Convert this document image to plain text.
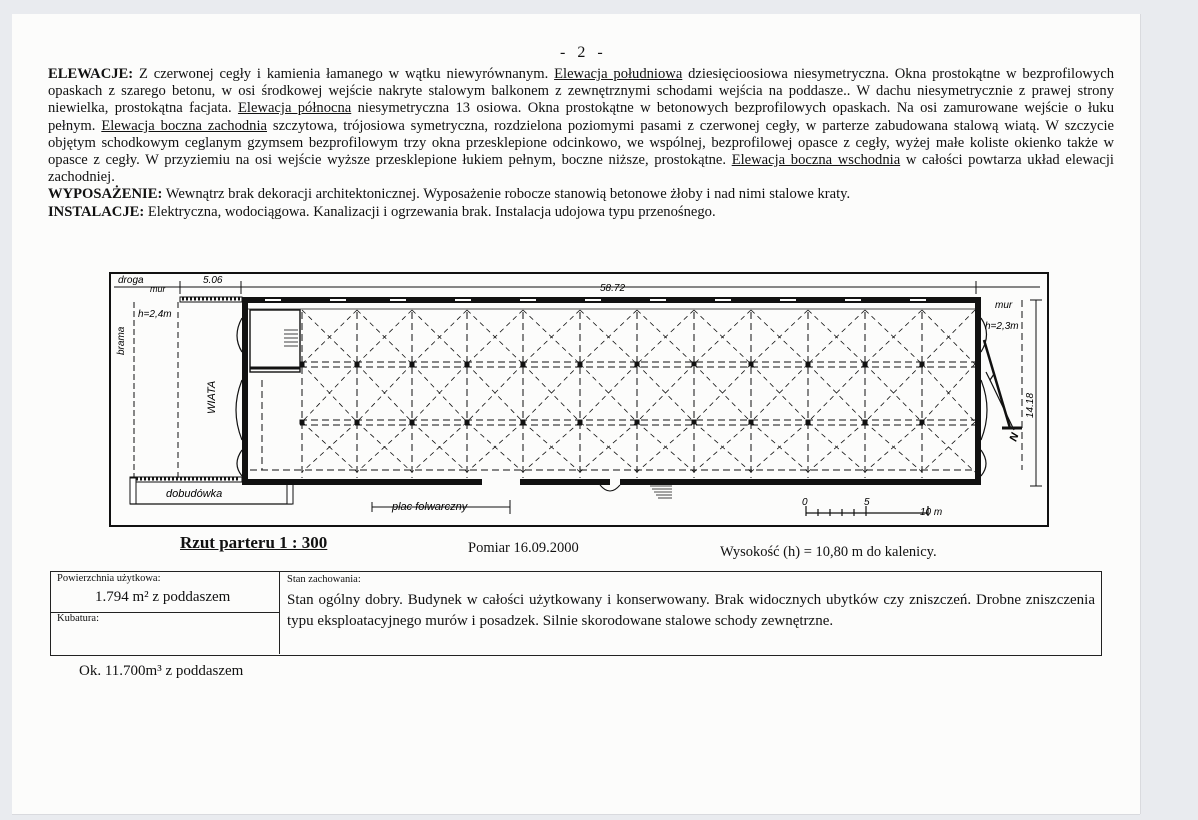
- 2 -

ELEWACJE: Z czerwonej cegły i kamienia łamanego w wątku niewyrównanym. Elewacja południowa dziesięcioosiowa niesymetryczna. Okna prostokątne w bezprofilowych opaskach z szarego betonu, w osi środkowej wejście nakryte stalowym balkonem z zewnętrznymi schodami wejścia na poddasze.. W dachu niesymetrycznie z prawej strony niewielka, prostokątna facjata. Elewacja północna niesymetryczna 13 osiowa. Okna prostokątne w betonowych bezprofilowych opaskach. Na osi zamurowane wejście o łuku pełnym. Elewacja boczna zachodnia szczytowa, trójosiowa symetryczna, rozdzielona poziomymi pasami z czerwonej cegły, w parterze zabudowana stalową wiatą. W szczycie objętym schodkowym ceglanym gzymsem bezprofilowym trzy okna przesklepione odcinkowo, we wspólnej, bezprofilowej opasce z cegły, wyżej małe koliste okienko także w opasce z cegły. W przyziemiu na osi wejście wyższe przesklepione łukiem pełnym, boczne niższe, prostokątne. Elewacja boczna wschodnia w całości powtarza układ elewacji zachodniej.

WYPOSAŻENIE: Wewnątrz brak dekoracji architektonicznej. Wyposażenie robocze stanowią betonowe żłoby i nad nimi stalowe kraty.

INSTALACJE: Elektryczna, wodociągowa. Kanalizacji i ogrzewania brak. Instalacja udojowa typu przenośnego.

droga
mur
5.06
58.72
mur
brama
h=2,4m
WIATA
dobudówka
h=2,3m
14.18
N
plac folwarczny	0	5
10 m
Rzut parteru 1 : 300	Pomiar 16.09.2000	Wysokość (h) = 10,80 m do kalenicy.
Powierzchnia użytkowa:
1.794 m² z poddaszem
Kubatura:
Ok. 11.700m³ z poddaszem
Stan zachowania:
Stan ogólny dobry. Budynek w całości użytkowany i konserwowany. Brak widocznych ubytków czy zniszczeń. Drobne zniszczenia typu eksploatacyjnego murów i posadzek. Silnie skorodowane stalowe schody zewnętrzne.
